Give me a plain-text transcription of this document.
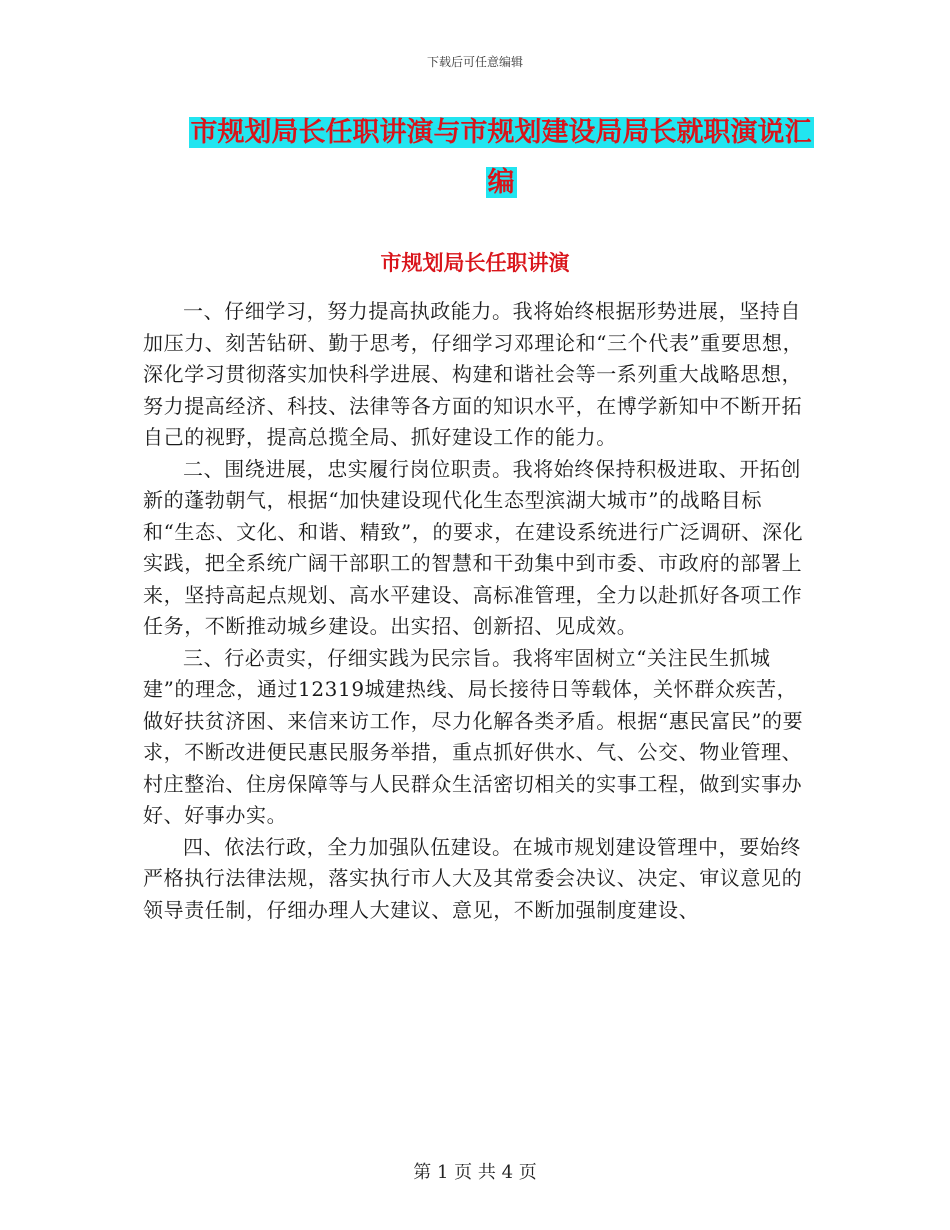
下载后可任意编辑
市规划局长任职讲演与市规划建设局局长就职演说汇
编
市规划局长任职讲演

一、仔细学习，努力提高执政能力。我将始终根据形势进展，坚持自加压力、刻苦钻研、勤于思考，仔细学习邓理论和“三个代表”重要思想，深化学习贯彻落实加快科学进展、构建和谐社会等一系列重大战略思想，努力提高经济、科技、法律等各方面的知识水平，在博学新知中不断开拓自己的视野，提高总揽全局、抓好建设工作的能力。

二、围绕进展，忠实履行岗位职责。我将始终保持积极进取、开拓创新的蓬勃朝气，根据“加快建设现代化生态型滨湖大城市”的战略目标和“生态、文化、和谐、精致”，的要求，在建设系统进行广泛调研、深化实践，把全系统广阔干部职工的智慧和干劲集中到市委、市政府的部署上来，坚持高起点规划、高水平建设、高标准管理，全力以赴抓好各项工作任务，不断推动城乡建设。出实招、创新招、见成效。

三、行必责实，仔细实践为民宗旨。我将牢固树立“关注民生抓城建”的理念，通过12319城建热线、局长接待日等载体，关怀群众疾苦，做好扶贫济困、来信来访工作，尽力化解各类矛盾。根据“惠民富民”的要求，不断改进便民惠民服务举措，重点抓好供水、气、公交、物业管理、村庄整治、住房保障等与人民群众生活密切相关的实事工程，做到实事办好、好事办实。

四、依法行政，全力加强队伍建设。在城市规划建设管理中，要始终严格执行法律法规，落实执行市人大及其常委会决议、决定、审议意见的领导责任制，仔细办理人大建议、意见，不断加强制度建设、

第 1 页 共 4 页
